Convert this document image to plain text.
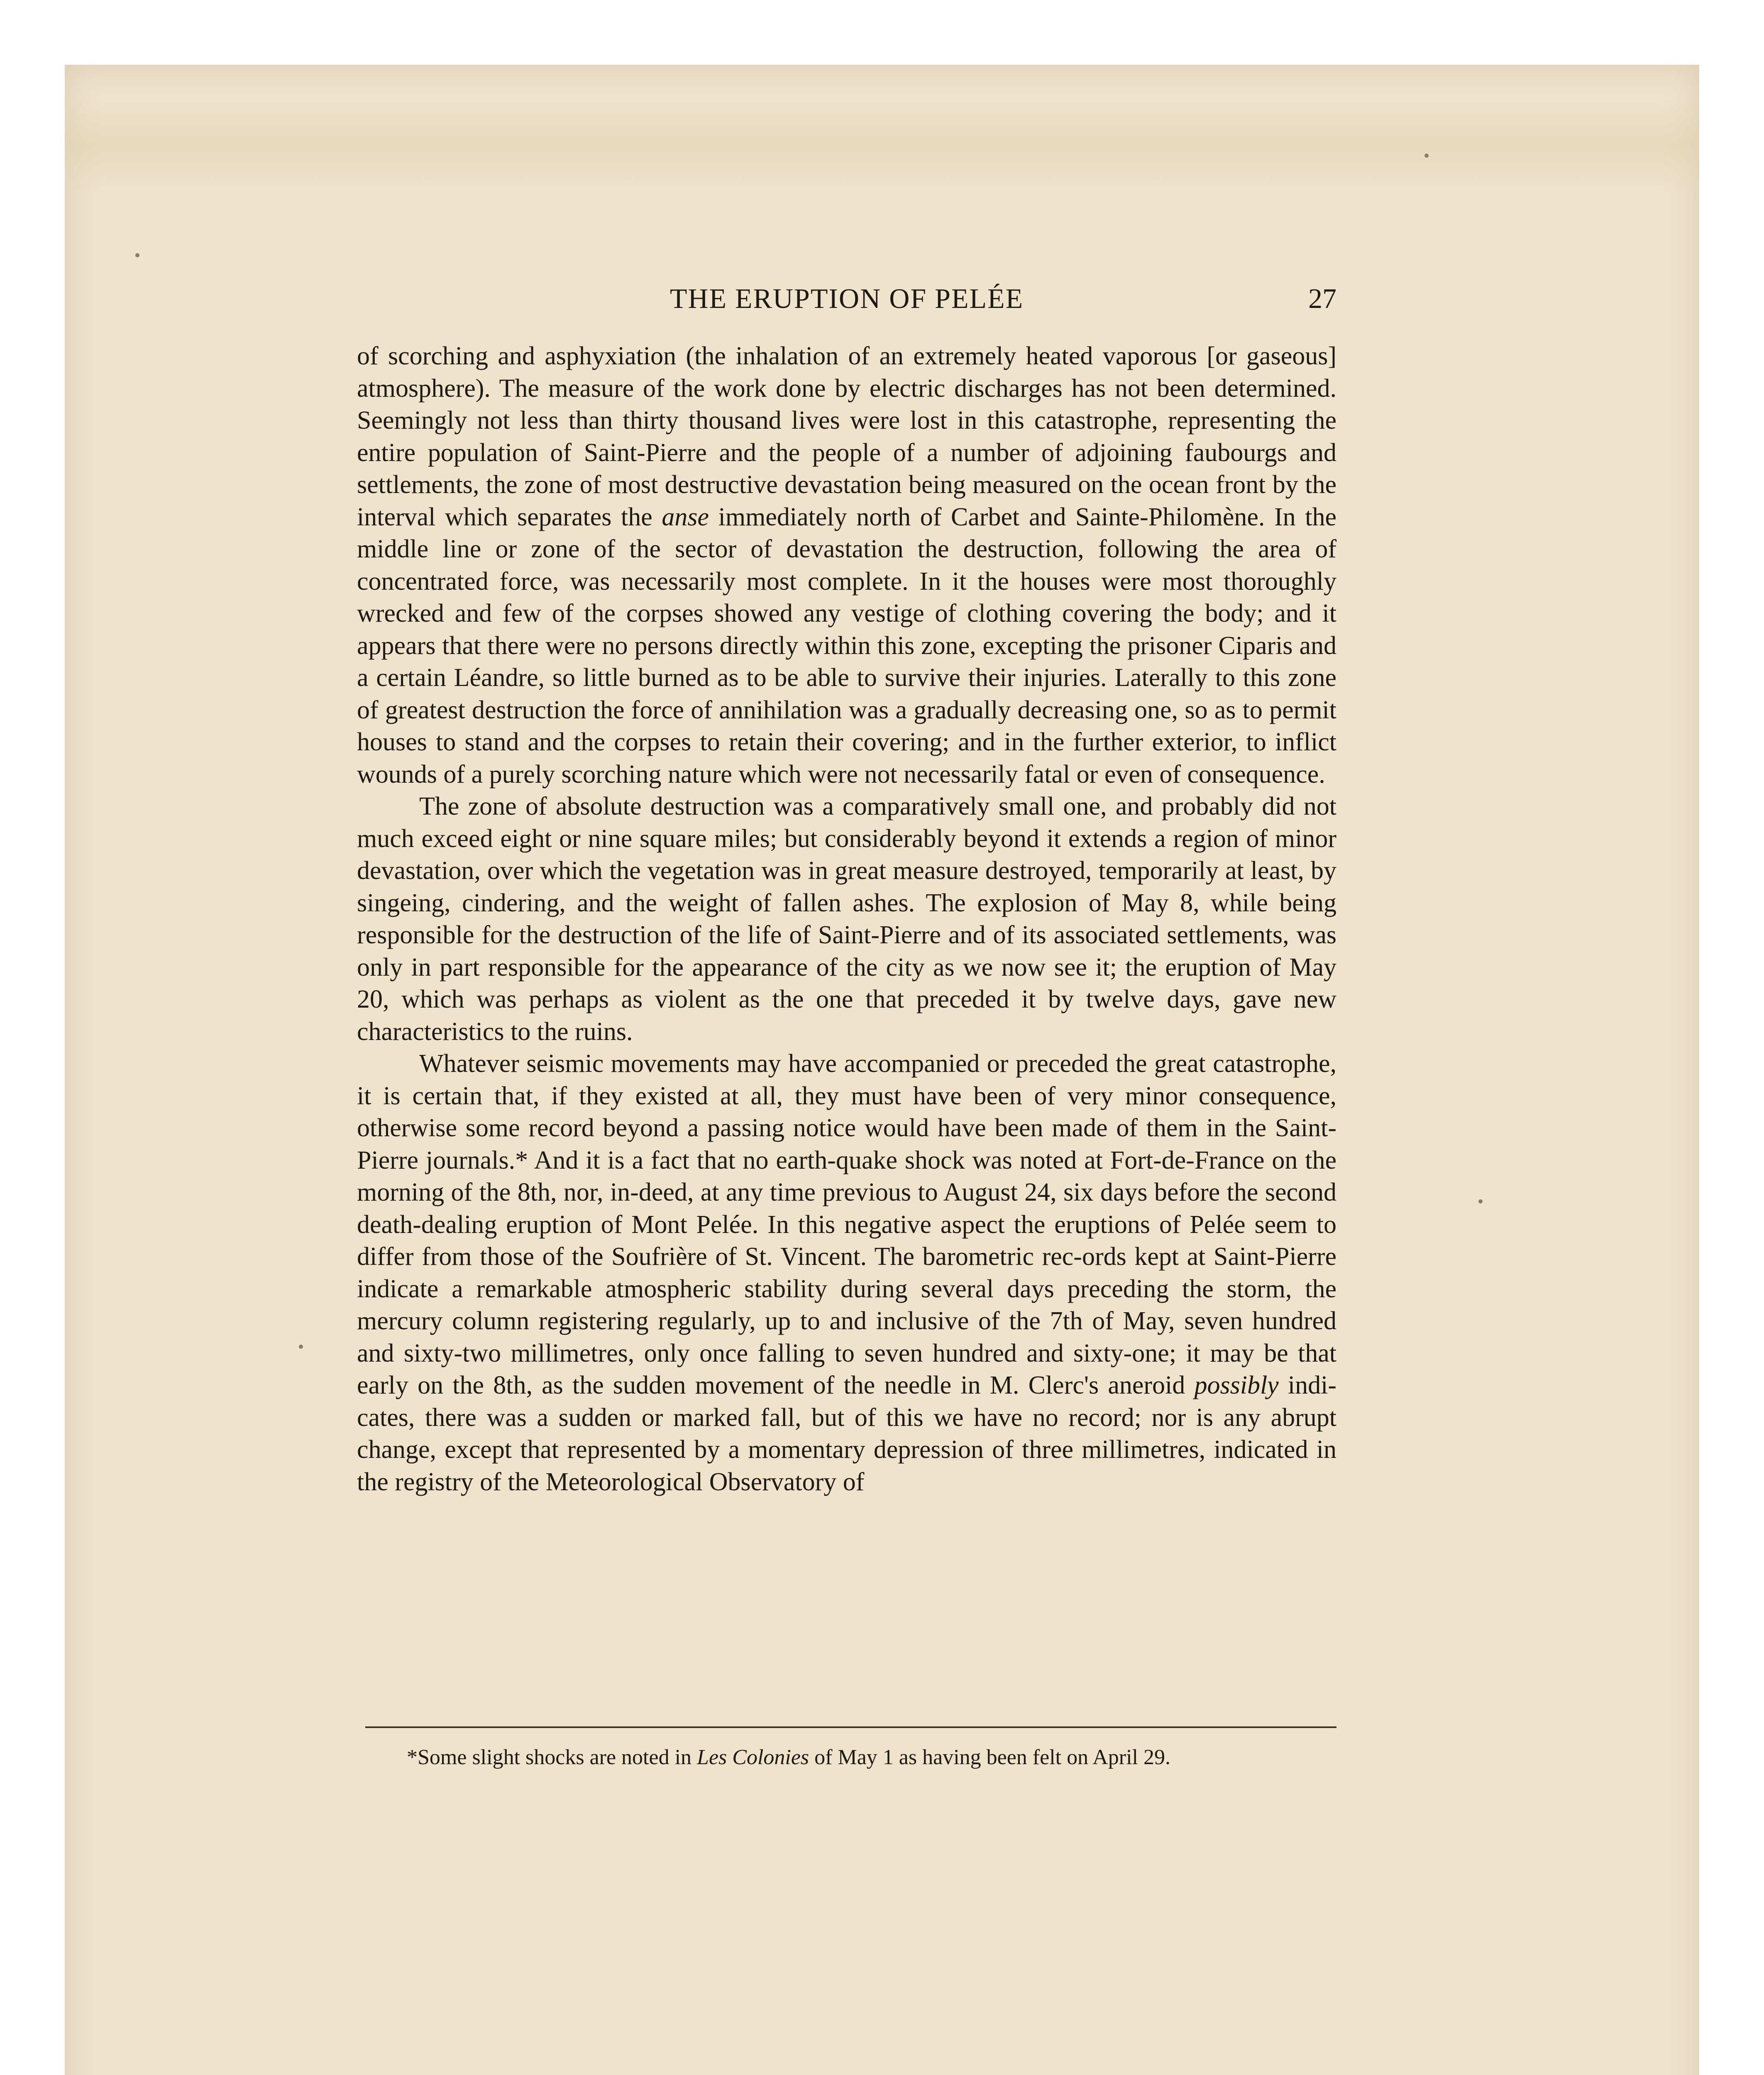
THE ERUPTION OF PELÉE	27

of scorching and asphyxiation (the inhalation of an extremely heated vaporous [or gaseous] atmosphere). The measure of the work done by electric discharges has not been determined. Seemingly not less than thirty thousand lives were lost in this catastrophe, representing the entire population of Saint-Pierre and the people of a number of adjoining faubourgs and settlements, the zone of most destructive devastation being measured on the ocean front by the interval which separates the anse immediately north of Carbet and Sainte-Philomène. In the middle line or zone of the sector of devastation the destruction, following the area of concentrated force, was necessarily most complete. In it the houses were most thoroughly wrecked and few of the corpses showed any vestige of clothing covering the body; and it appears that there were no persons directly within this zone, excepting the prisoner Ciparis and a certain Léandre, so little burned as to be able to survive their injuries. Laterally to this zone of greatest destruction the force of annihilation was a gradually decreasing one, so as to permit houses to stand and the corpses to retain their covering; and in the further exterior, to inflict wounds of a purely scorching nature which were not necessarily fatal or even of consequence.

The zone of absolute destruction was a comparatively small one, and probably did not much exceed eight or nine square miles; but considerably beyond it extends a region of minor devastation, over which the vegetation was in great measure destroyed, temporarily at least, by singeing, cindering, and the weight of fallen ashes. The explosion of May 8, while being responsible for the destruction of the life of Saint-Pierre and of its associated settlements, was only in part responsible for the appearance of the city as we now see it; the eruption of May 20, which was perhaps as violent as the one that preceded it by twelve days, gave new characteristics to the ruins.

Whatever seismic movements may have accompanied or preceded the great catastrophe, it is certain that, if they existed at all, they must have been of very minor consequence, otherwise some record beyond a passing notice would have been made of them in the Saint-Pierre journals.* And it is a fact that no earth-quake shock was noted at Fort-de-France on the morning of the 8th, nor, in-deed, at any time previous to August 24, six days before the second death-dealing eruption of Mont Pelée. In this negative aspect the eruptions of Pelée seem to differ from those of the Soufrière of St. Vincent. The barometric rec-ords kept at Saint-Pierre indicate a remarkable atmospheric stability during several days preceding the storm, the mercury column registering regularly, up to and inclusive of the 7th of May, seven hundred and sixty-two millimetres, only once falling to seven hundred and sixty-one; it may be that early on the 8th, as the sudden movement of the needle in M. Clerc's aneroid possibly indi-cates, there was a sudden or marked fall, but of this we have no record; nor is any abrupt change, except that represented by a momentary depression of three millimetres, indicated in the registry of the Meteorological Observatory of

*Some slight shocks are noted in Les Colonies of May 1 as having been felt on April 29.
